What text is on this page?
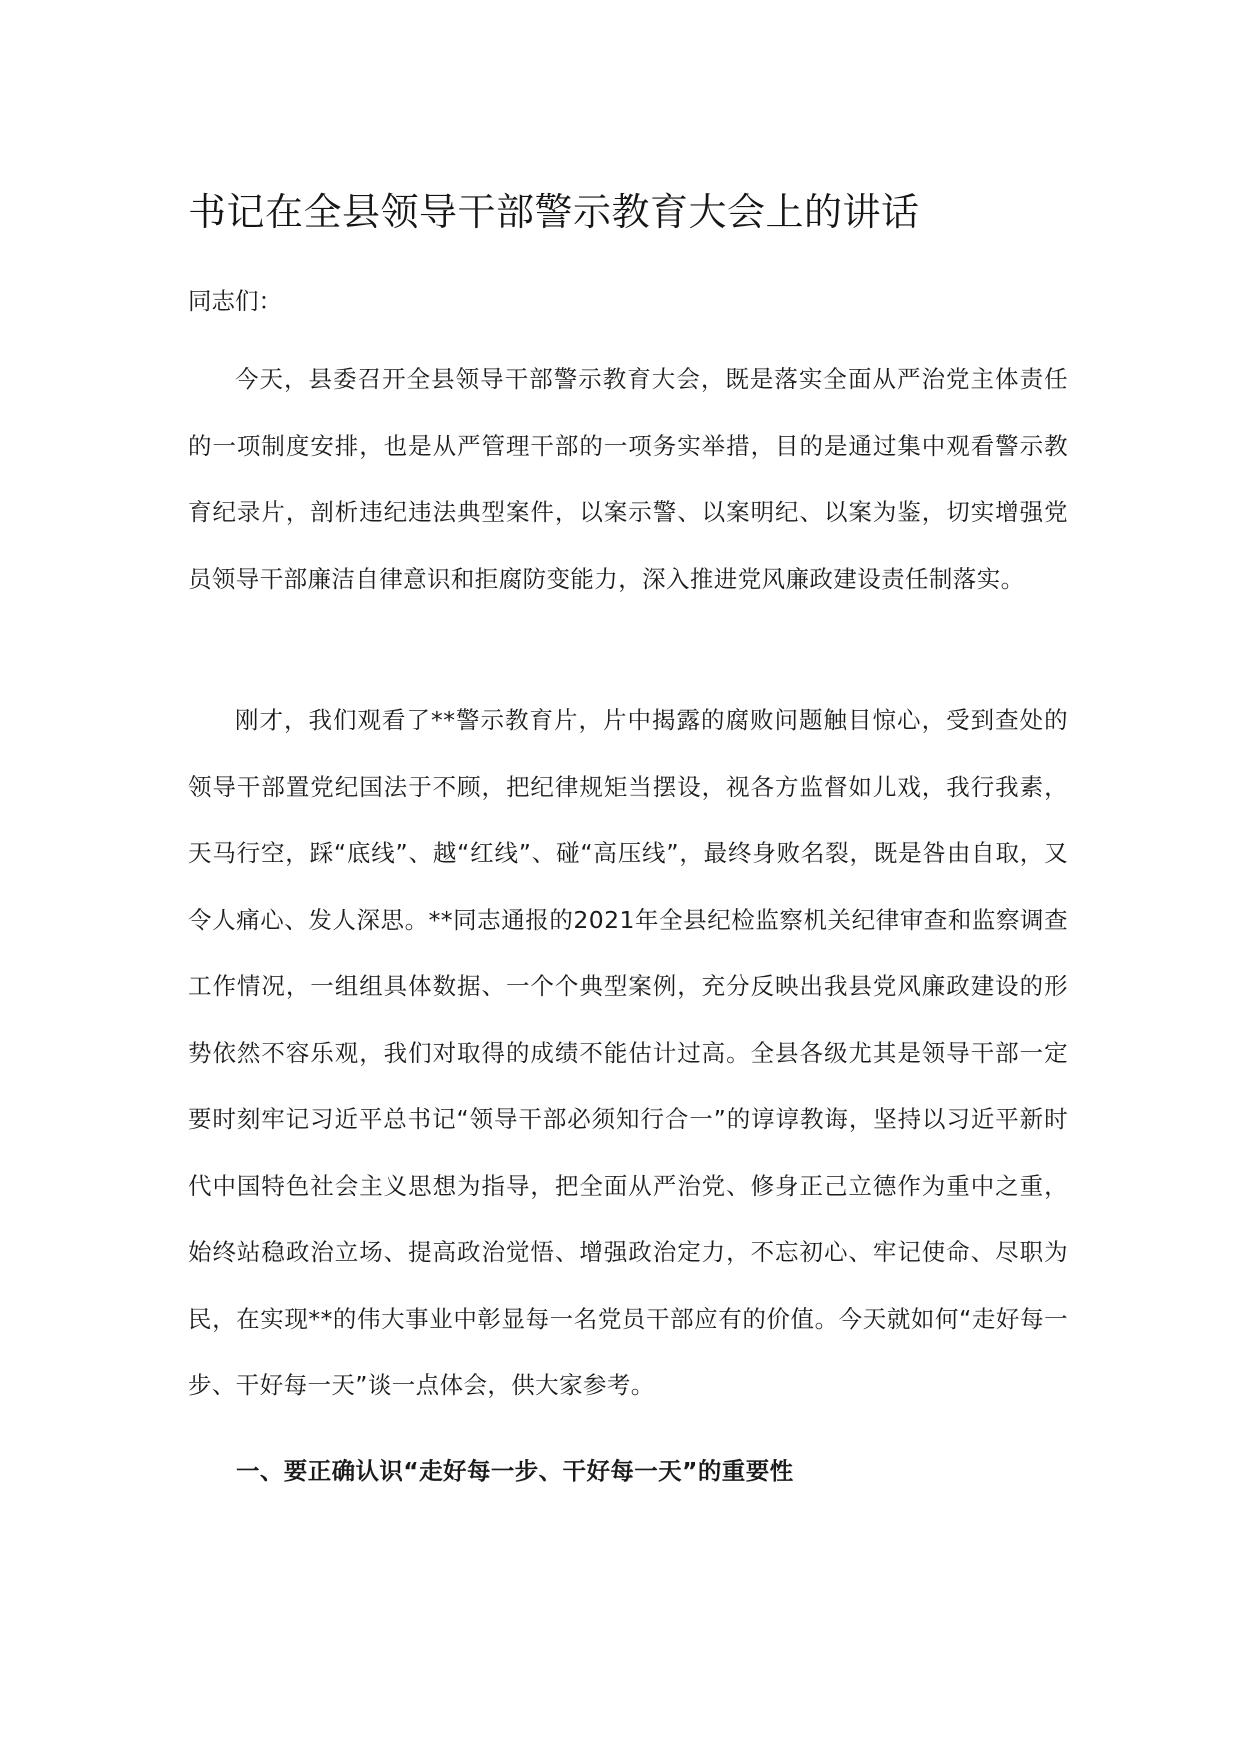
书记在全县领导干部警示教育大会上的讲话

同志们：

今天，县委召开全县领导干部警示教育大会，既是落实全面从严治党主体责任的一项制度安排，也是从严管理干部的一项务实举措，目的是通过集中观看警示教育纪录片，剖析违纪违法典型案件，以案示警、以案明纪、以案为鉴，切实增强党员领导干部廉洁自律意识和拒腐防变能力，深入推进党风廉政建设责任制落实。

刚才，我们观看了**警示教育片，片中揭露的腐败问题触目惊心，受到查处的领导干部置党纪国法于不顾，把纪律规矩当摆设，视各方监督如儿戏，我行我素，天马行空，踩“底线”、越“红线”、碰“高压线”，最终身败名裂，既是咎由自取，又令人痛心、发人深思。**同志通报的2021年全县纪检监察机关纪律审查和监察调查工作情况，一组组具体数据、一个个典型案例，充分反映出我县党风廉政建设的形势依然不容乐观，我们对取得的成绩不能估计过高。全县各级尤其是领导干部一定要时刻牢记习近平总书记“领导干部必须知行合一”的谆谆教诲，坚持以习近平新时代中国特色社会主义思想为指导，把全面从严治党、修身正己立德作为重中之重，始终站稳政治立场、提高政治觉悟、增强政治定力，不忘初心、牢记使命、尽职为民，在实现**的伟大事业中彰显每一名党员干部应有的价值。今天就如何“走好每一步、干好每一天”谈一点体会，供大家参考。

一、要正确认识“走好每一步、干好每一天”的重要性
